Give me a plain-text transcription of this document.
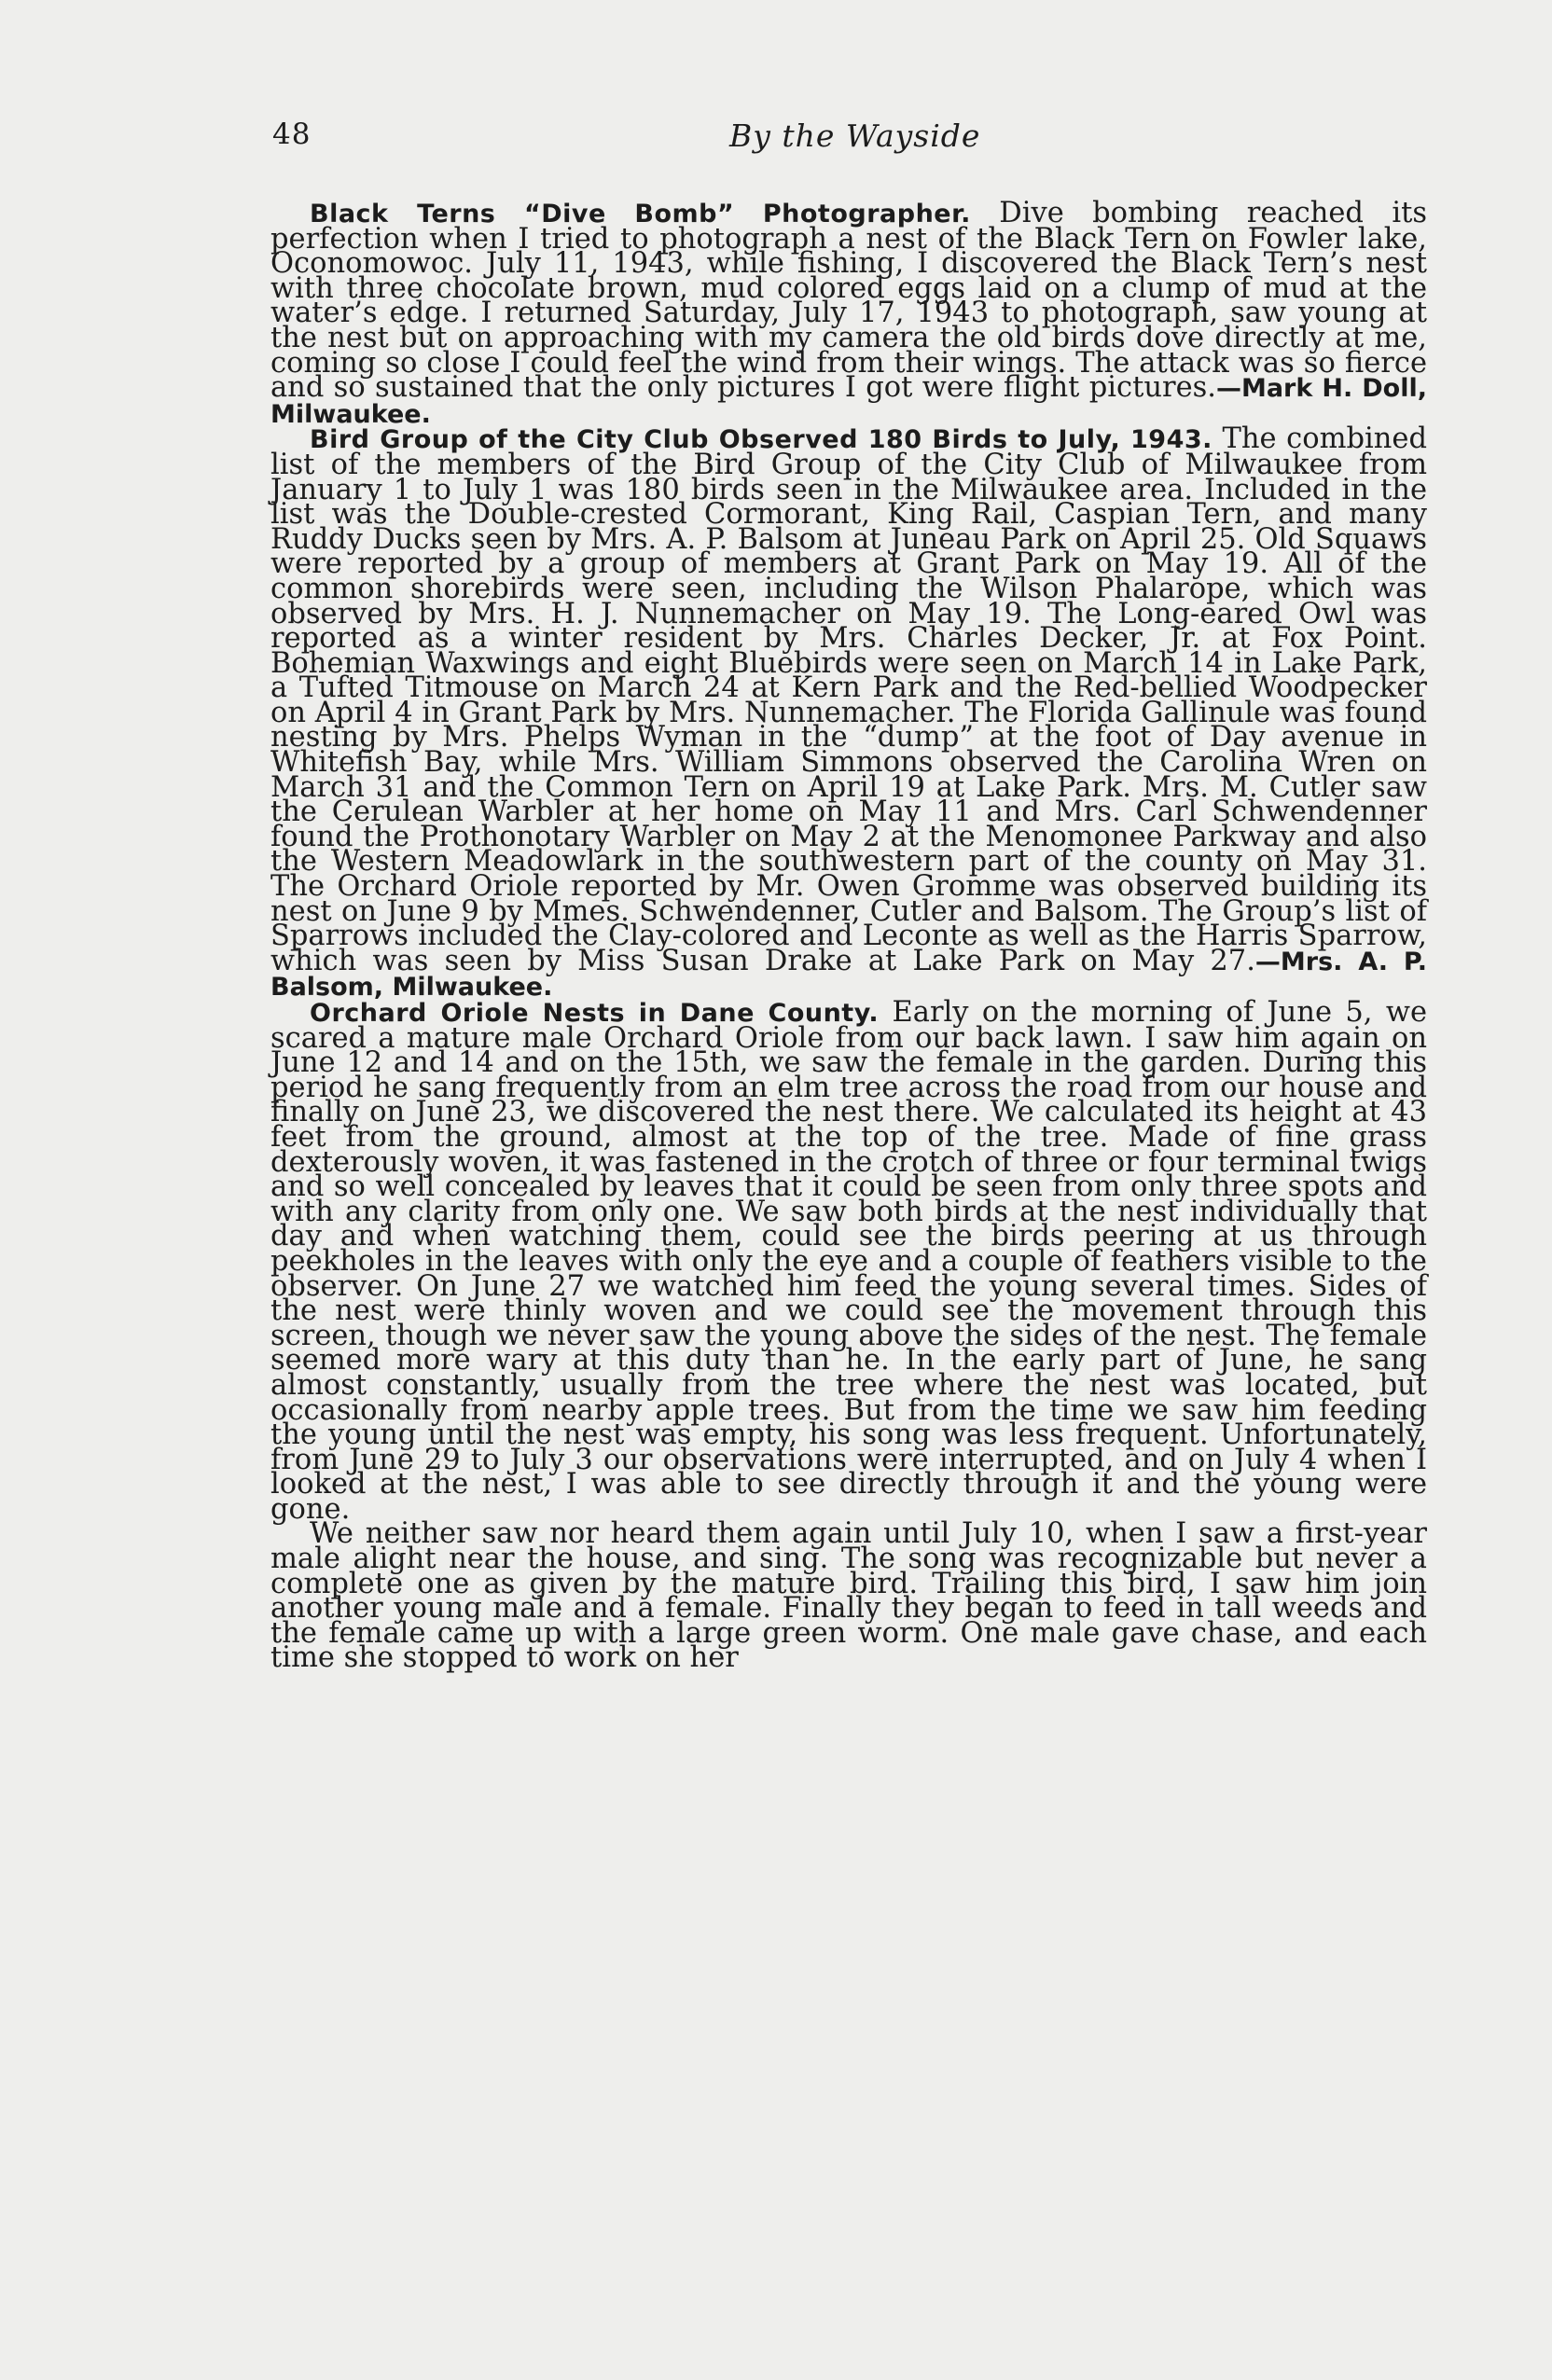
48	By the Wayside

Black Terns “Dive Bomb” Photographer. Dive bombing reached its perfection when I tried to photograph a nest of the Black Tern on Fowler lake, Oconomowoc. July 11, 1943, while fishing, I discovered the Black Tern’s nest with three chocolate brown, mud colored eggs laid on a clump of mud at the water’s edge. I returned Saturday, July 17, 1943 to photograph, saw young at the nest but on approaching with my camera the old birds dove directly at me, coming so close I could feel the wind from their wings. The attack was so fierce and so sustained that the only pictures I got were flight pictures.—Mark H. Doll, Milwaukee.

Bird Group of the City Club Observed 180 Birds to July, 1943. The combined list of the members of the Bird Group of the City Club of Milwaukee from January 1 to July 1 was 180 birds seen in the Milwaukee area. Included in the list was the Double-crested Cormorant, King Rail, Caspian Tern, and many Ruddy Ducks seen by Mrs. A. P. Balsom at Juneau Park on April 25. Old Squaws were reported by a group of members at Grant Park on May 19. All of the common shorebirds were seen, including the Wilson Phalarope, which was observed by Mrs. H. J. Nunnemacher on May 19. The Long-eared Owl was reported as a winter resident by Mrs. Charles Decker, Jr. at Fox Point. Bohemian Waxwings and eight Bluebirds were seen on March 14 in Lake Park, a Tufted Titmouse on March 24 at Kern Park and the Red-bellied Woodpecker on April 4 in Grant Park by Mrs. Nunnemacher. The Florida Gallinule was found nesting by Mrs. Phelps Wyman in the “dump” at the foot of Day avenue in Whitefish Bay, while Mrs. William Simmons observed the Carolina Wren on March 31 and the Common Tern on April 19 at Lake Park. Mrs. M. Cutler saw the Cerulean Warbler at her home on May 11 and Mrs. Carl Schwendenner found the Prothonotary Warbler on May 2 at the Menomonee Parkway and also the Western Meadowlark in the southwestern part of the county on May 31. The Orchard Oriole reported by Mr. Owen Gromme was observed building its nest on June 9 by Mmes. Schwendenner, Cutler and Balsom. The Group’s list of Sparrows included the Clay-colored and Leconte as well as the Harris Sparrow, which was seen by Miss Susan Drake at Lake Park on May 27.—Mrs. A. P. Balsom, Milwaukee.

Orchard Oriole Nests in Dane County. Early on the morning of June 5, we scared a mature male Orchard Oriole from our back lawn. I saw him again on June 12 and 14 and on the 15th, we saw the female in the garden. During this period he sang frequently from an elm tree across the road from our house and finally on June 23, we discovered the nest there. We calculated its height at 43 feet from the ground, almost at the top of the tree. Made of fine grass dexterously woven, it was fastened in the crotch of three or four terminal twigs and so well concealed by leaves that it could be seen from only three spots and with any clarity from only one. We saw both birds at the nest individually that day and when watching them, could see the birds peering at us through peekholes in the leaves with only the eye and a couple of feathers visible to the observer. On June 27 we watched him feed the young several times. Sides of the nest were thinly woven and we could see the movement through this screen, though we never saw the young above the sides of the nest. The female seemed more wary at this duty than he. In the early part of June, he sang almost constantly, usually from the tree where the nest was located, but occasionally from nearby apple trees. But from the time we saw him feeding the young until the nest was empty, his song was less frequent. Unfortunately, from June 29 to July 3 our observations were interrupted, and on July 4 when I looked at the nest, I was able to see directly through it and the young were gone.

We neither saw nor heard them again until July 10, when I saw a first-year male alight near the house, and sing. The song was recognizable but never a complete one as given by the mature bird. Trailing this bird, I saw him join another young male and a female. Finally they began to feed in tall weeds and the female came up with a large green worm. One male gave chase, and each time she stopped to work on her
